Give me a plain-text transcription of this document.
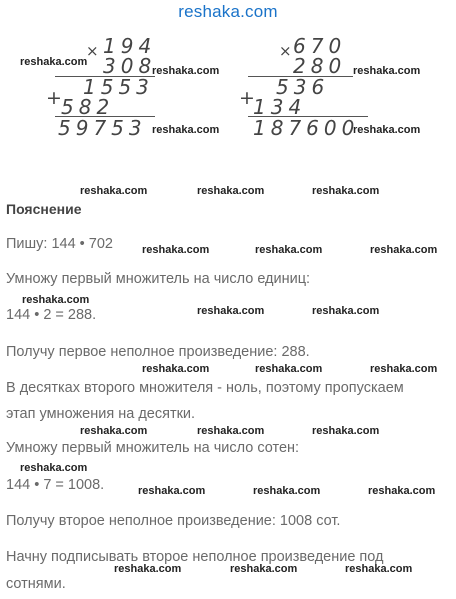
reshaka.com
× 194
308
1553
+ 582
59753
× 670
280
536
+
134
187600
Пояснение
Пишу: 144 • 702
Умножу первый множитель на число единиц:
144 • 2 = 288.
Получу первое неполное произведение: 288.
В десятках второго множителя - ноль, поэтому пропускаем
этап умножения на десятки.
Умножу первый множитель на число сотен:
144 • 7 = 1008.
Получу второе неполное произведение: 1008 сот.
Начну подписывать второе неполное произведение под
сотнями.
reshaka.com
reshaka.com	reshaka.com
reshaka.com	reshaka.com
reshaka.com	reshaka.com	reshaka.com
reshaka.com	reshaka.com	reshaka.com
reshaka.com
reshaka.com	reshaka.com
reshaka.com	reshaka.com	reshaka.com
reshaka.com	reshaka.com	reshaka.com
reshaka.com
reshaka.com	reshaka.com	reshaka.com
reshaka.com	reshaka.com	reshaka.com
